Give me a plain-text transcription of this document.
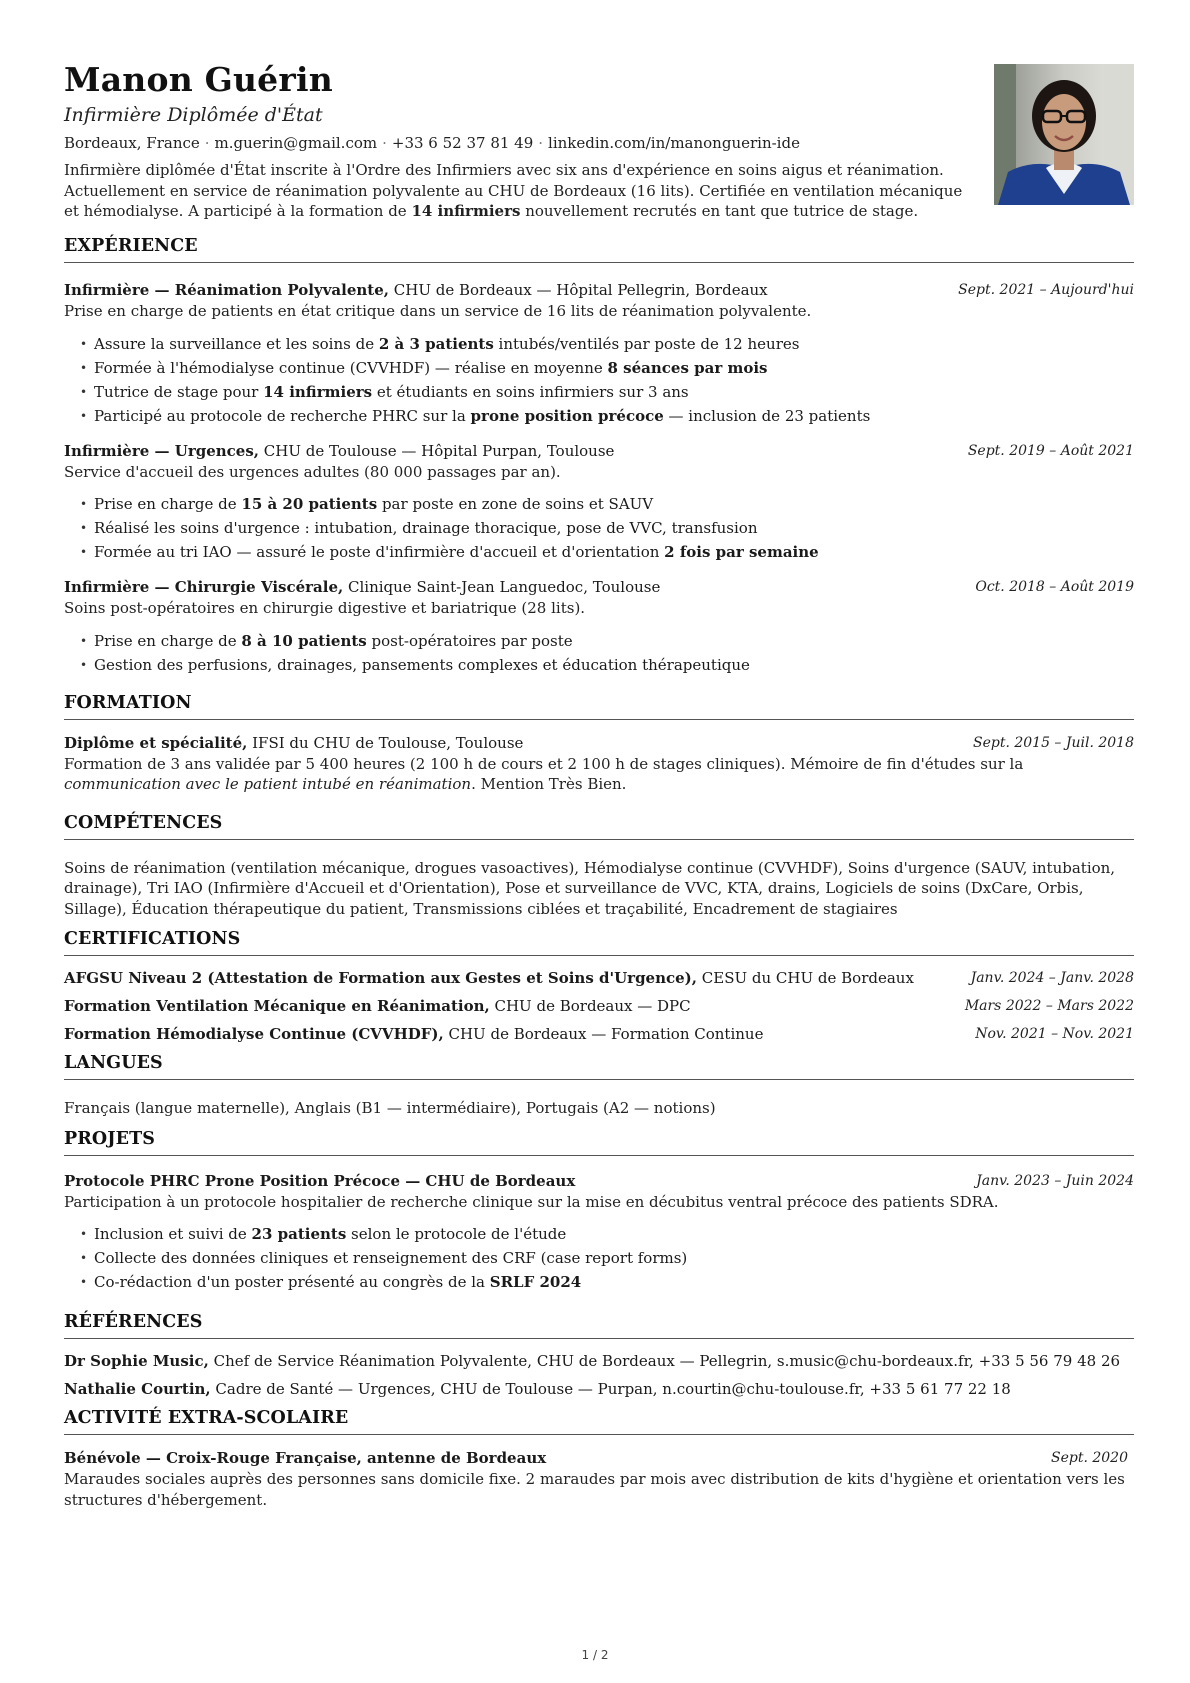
Manon Guérin
Infirmière Diplômée d'État
Bordeaux, France · m.guerin@gmail.com · +33 6 52 37 81 49 · linkedin.com/in/manonguerin-ide
Infirmière diplômée d'État inscrite à l'Ordre des Infirmiers avec six ans d'expérience en soins aigus et réanimation. Actuellement en service de réanimation polyvalente au CHU de Bordeaux (16 lits). Certifiée en ventilation mécanique et hémodialyse. A participé à la formation de 14 infirmiers nouvellement recrutés en tant que tutrice de stage.
EXPÉRIENCE
Infirmière — Réanimation Polyvalente, CHU de Bordeaux — Hôpital Pellegrin, Bordeaux	Sept. 2021 – Aujourd'hui
Prise en charge de patients en état critique dans un service de 16 lits de réanimation polyvalente.
• Assure la surveillance et les soins de 2 à 3 patients intubés/ventilés par poste de 12 heures
• Formée à l'hémodialyse continue (CVVHDF) — réalise en moyenne 8 séances par mois
• Tutrice de stage pour 14 infirmiers et étudiants en soins infirmiers sur 3 ans
• Participé au protocole de recherche PHRC sur la prone position précoce — inclusion de 23 patients
Infirmière — Urgences, CHU de Toulouse — Hôpital Purpan, Toulouse	Sept. 2019 – Août 2021
Service d'accueil des urgences adultes (80 000 passages par an).
• Prise en charge de 15 à 20 patients par poste en zone de soins et SAUV
• Réalisé les soins d'urgence : intubation, drainage thoracique, pose de VVC, transfusion
• Formée au tri IAO — assuré le poste d'infirmière d'accueil et d'orientation 2 fois par semaine
Infirmière — Chirurgie Viscérale, Clinique Saint-Jean Languedoc, Toulouse	Oct. 2018 – Août 2019
Soins post-opératoires en chirurgie digestive et bariatrique (28 lits).
• Prise en charge de 8 à 10 patients post-opératoires par poste
• Gestion des perfusions, drainages, pansements complexes et éducation thérapeutique
FORMATION
Diplôme et spécialité, IFSI du CHU de Toulouse, Toulouse	Sept. 2015 – Juil. 2018
Formation de 3 ans validée par 5 400 heures (2 100 h de cours et 2 100 h de stages cliniques). Mémoire de fin d'études sur la communication avec le patient intubé en réanimation. Mention Très Bien.
COMPÉTENCES
Soins de réanimation (ventilation mécanique, drogues vasoactives), Hémodialyse continue (CVVHDF), Soins d'urgence (SAUV, intubation, drainage), Tri IAO (Infirmière d'Accueil et d'Orientation), Pose et surveillance de VVC, KTA, drains, Logiciels de soins (DxCare, Orbis, Sillage), Éducation thérapeutique du patient, Transmissions ciblées et traçabilité, Encadrement de stagiaires
CERTIFICATIONS
AFGSU Niveau 2 (Attestation de Formation aux Gestes et Soins d'Urgence), CESU du CHU de Bordeaux	Janv. 2024 – Janv. 2028
Formation Ventilation Mécanique en Réanimation, CHU de Bordeaux — DPC	Mars 2022 – Mars 2022
Formation Hémodialyse Continue (CVVHDF), CHU de Bordeaux — Formation Continue	Nov. 2021 – Nov. 2021
LANGUES
Français (langue maternelle), Anglais (B1 — intermédiaire), Portugais (A2 — notions)
PROJETS
Protocole PHRC Prone Position Précoce — CHU de Bordeaux	Janv. 2023 – Juin 2024
Participation à un protocole hospitalier de recherche clinique sur la mise en décubitus ventral précoce des patients SDRA.
• Inclusion et suivi de 23 patients selon le protocole de l'étude
• Collecte des données cliniques et renseignement des CRF (case report forms)
• Co-rédaction d'un poster présenté au congrès de la SRLF 2024
RÉFÉRENCES
Dr Sophie Music, Chef de Service Réanimation Polyvalente, CHU de Bordeaux — Pellegrin, s.music@chu-bordeaux.fr, +33 5 56 79 48 26
Nathalie Courtin, Cadre de Santé — Urgences, CHU de Toulouse — Purpan, n.courtin@chu-toulouse.fr, +33 5 61 77 22 18
ACTIVITÉ EXTRA-SCOLAIRE
Bénévole — Croix-Rouge Française, antenne de Bordeaux	Sept. 2020
Maraudes sociales auprès des personnes sans domicile fixe. 2 maraudes par mois avec distribution de kits d'hygiène et orientation vers les structures d'hébergement.
1 / 2
